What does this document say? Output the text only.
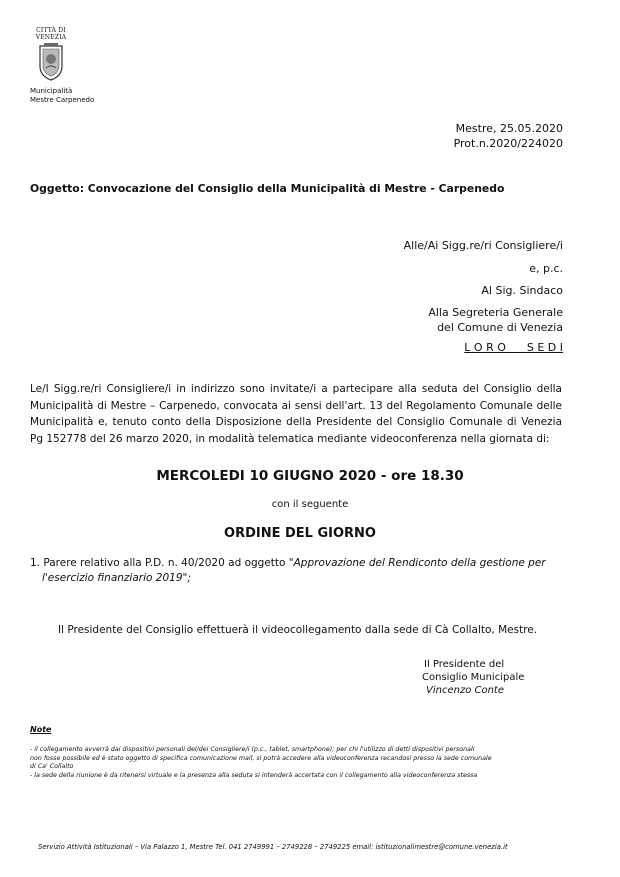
CITTÀ DI
VENEZIA
Municipalità
Mestre Carpenedo
Mestre, 25.05.2020
Prot.n.2020/224020
Oggetto: Convocazione del Consiglio della Municipalità di Mestre - Carpenedo
Alle/Ai Sigg.re/ri Consigliere/i
e, p.c.
Al Sig. Sindaco
Alla Segreteria Generale
del Comune di Venezia
L O R O      S E D I
Le/I Sigg.re/ri Consigliere/i in indirizzo sono invitate/i a partecipare alla seduta del Consiglio della Municipalità di Mestre – Carpenedo, convocata ai sensi dell'art. 13 del Regolamento Comunale delle Municipalità e, tenuto conto della Disposizione della Presidente del Consiglio Comunale di Venezia Pg 152778 del 26 marzo 2020, in modalità telematica mediante videoconferenza nella giornata di:
MERCOLEDI 10 GIUGNO 2020 - ore 18.30
con il seguente
ORDINE DEL GIORNO
1. Parere relativo alla P.D. n. 40/2020 ad oggetto "Approvazione del Rendiconto della gestione per
l'esercizio finanziario 2019";
Il Presidente del Consiglio effettuerà il videocollegamento dalla sede di Cà Collalto, Mestre.
Il Presidente del
Consiglio Municipale
Vincenzo Conte
Note
- il collegamento avverrà dai dispositivi personali del/dei Consigliere/i (p.c., tablet, smartphone); per chi l'utilizzo di detti dispositivi personali
non fosse possibile ed è stato oggetto di specifica comunicazione mail, si potrà accedere alla videoconferenza recandosi presso la sede comunale
di Ca' Collalto
- la sede della riunione è da ritenersi virtuale e la presenza alla seduta si intenderà accertata con il collegamento alla videoconferenza stessa
Servizio Attività Istituzionali – Via Palazzo 1, Mestre Tel. 041 2749991 – 2749228 – 2749225 email: istituzionalimestre@comune.venezia.it
